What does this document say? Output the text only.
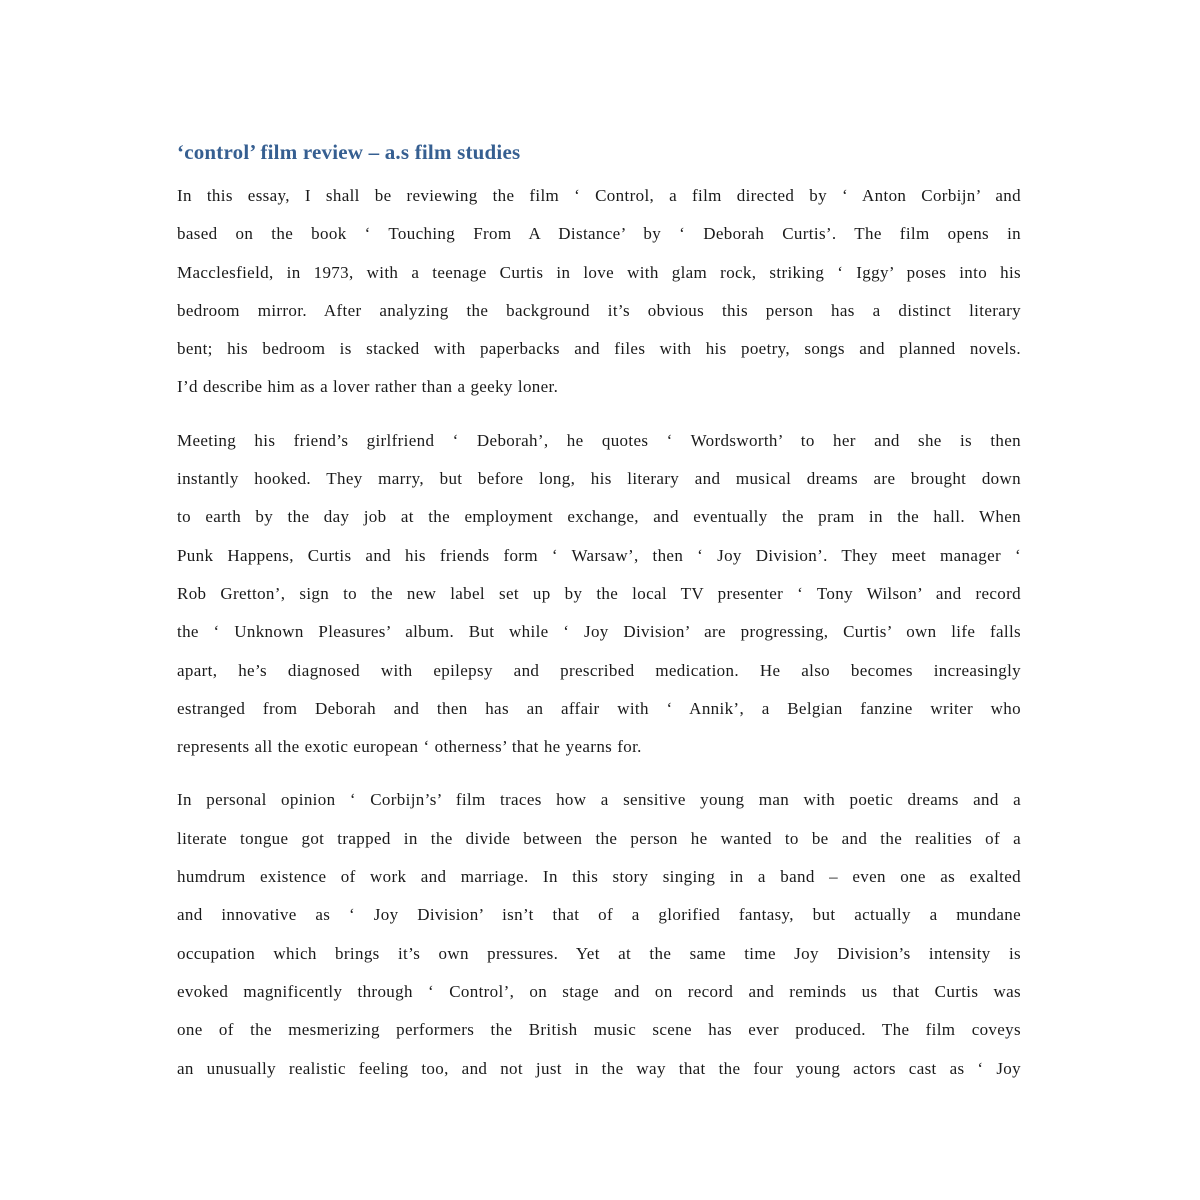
‘control’ film review – a.s film studies
In this essay, I shall be reviewing the film ‘ Control, a film directed by ‘ Anton Corbijn’ and
based on the book ‘ Touching From A Distance’ by ‘ Deborah Curtis’. The film opens in
Macclesfield, in 1973, with a teenage Curtis in love with glam rock, striking ‘ Iggy’ poses into his
bedroom mirror. After analyzing the background it’s obvious this person has a distinct literary
bent; his bedroom is stacked with paperbacks and files with his poetry, songs and planned novels.
I’d describe him as a lover rather than a geeky loner.
Meeting his friend’s girlfriend ‘ Deborah’, he quotes ‘ Wordsworth’ to her and she is then
instantly hooked. They marry, but before long, his literary and musical dreams are brought down
to earth by the day job at the employment exchange, and eventually the pram in the hall. When
Punk Happens, Curtis and his friends form ‘ Warsaw’, then ‘ Joy Division’. They meet manager ‘
Rob Gretton’, sign to the new label set up by the local TV presenter ‘ Tony Wilson’ and record
the ‘ Unknown Pleasures’ album. But while ‘ Joy Division’ are progressing, Curtis’ own life falls
apart, he’s diagnosed with epilepsy and prescribed medication. He also becomes increasingly
estranged from Deborah and then has an affair with ‘ Annik’, a Belgian fanzine writer who
represents all the exotic european ‘ otherness’ that he yearns for.
In personal opinion ‘ Corbijn’s’ film traces how a sensitive young man with poetic dreams and a
literate tongue got trapped in the divide between the person he wanted to be and the realities of a
humdrum existence of work and marriage. In this story singing in a band – even one as exalted
and innovative as ‘ Joy Division’ isn’t that of a glorified fantasy, but actually a mundane
occupation which brings it’s own pressures. Yet at the same time Joy Division’s intensity is
evoked magnificently through ‘ Control’, on stage and on record and reminds us that Curtis was
one of the mesmerizing performers the British music scene has ever produced. The film coveys
an unusually realistic feeling too, and not just in the way that the four young actors cast as ‘ Joy
